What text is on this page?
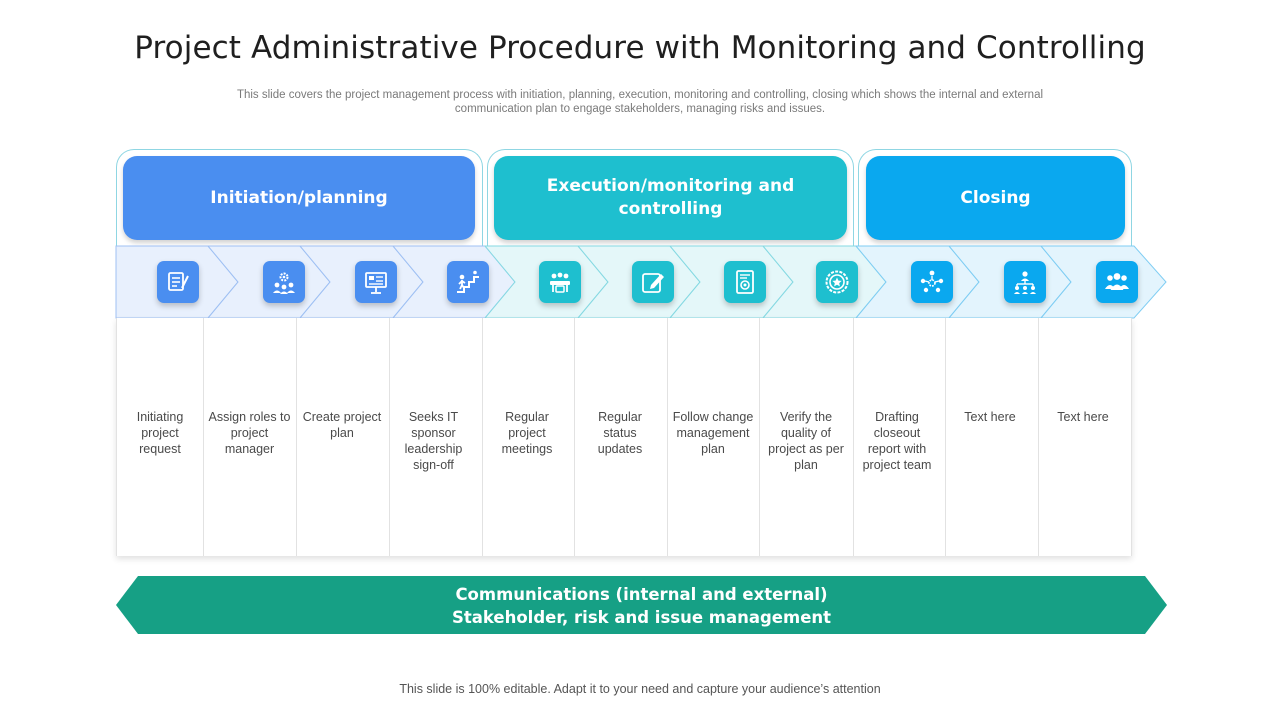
Project Administrative Procedure with Monitoring and Controlling
This slide covers the project management process with initiation, planning, execution, monitoring and controlling, closing which shows the internal and external communication plan to engage stakeholders, managing risks and issues.
Initiation/planning
Execution/monitoring and controlling
Closing
Initiating project request
Assign roles to project manager
Create project plan
Seeks IT sponsor leadership sign-off
Regular project meetings
Regular status updates
Follow change management plan
Verify the quality of project as per plan
Drafting closeout report with project team
Text here	Text here
Communications (internal and external)
Stakeholder, risk and issue management
This slide is 100% editable. Adapt it to your need and capture your audience’s attention
